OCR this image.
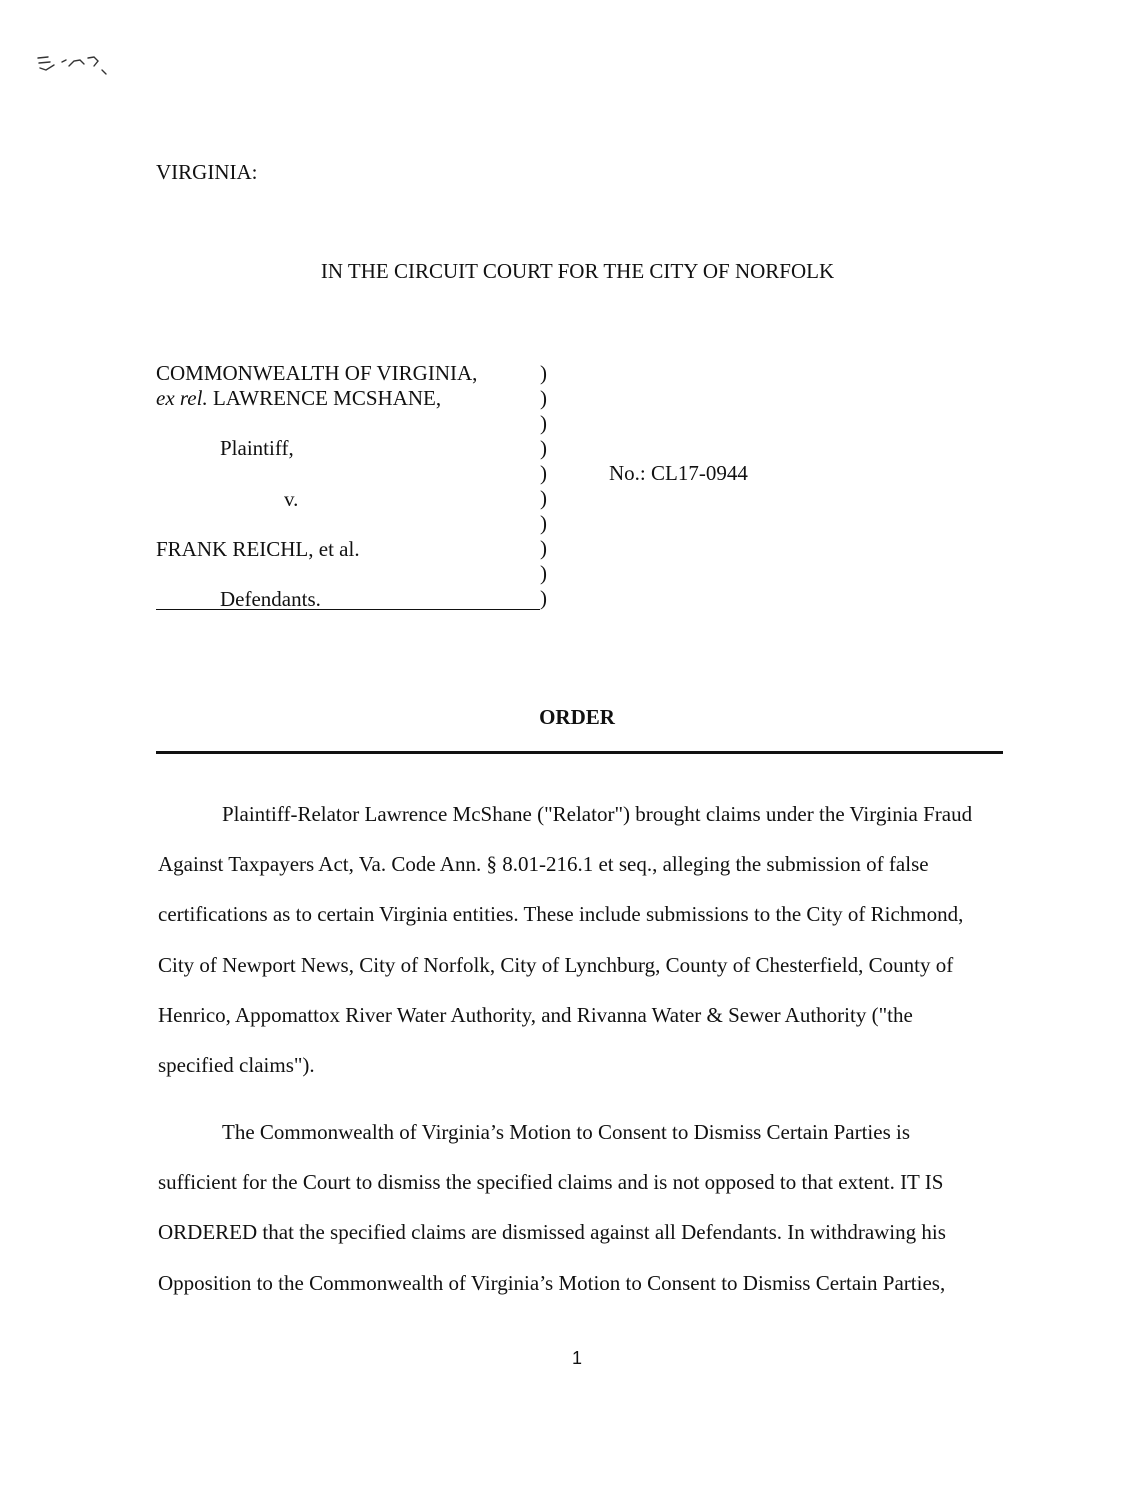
VIRGINIA:
IN THE CIRCUIT COURT FOR THE CITY OF NORFOLK
COMMONWEALTH OF VIRGINIA,
ex rel. LAWRENCE MCSHANE,
Plaintiff,
v.
FRANK REICHL, et al.
Defendants.
)
)
)
)
)
)
)
)
)
)
No.: CL17-0944
ORDER
Plaintiff-Relator Lawrence McShane ("Relator") brought claims under the Virginia Fraud
Against Taxpayers Act, Va. Code Ann. § 8.01-216.1 et seq., alleging the submission of false
certifications as to certain Virginia entities. These include submissions to the City of Richmond,
City of Newport News, City of Norfolk, City of Lynchburg, County of Chesterfield, County of
Henrico, Appomattox River Water Authority, and Rivanna Water & Sewer Authority ("the
specified claims").
The Commonwealth of Virginia’s Motion to Consent to Dismiss Certain Parties is
sufficient for the Court to dismiss the specified claims and is not opposed to that extent. IT IS
ORDERED that the specified claims are dismissed against all Defendants. In withdrawing his
Opposition to the Commonwealth of Virginia’s Motion to Consent to Dismiss Certain Parties,
1
